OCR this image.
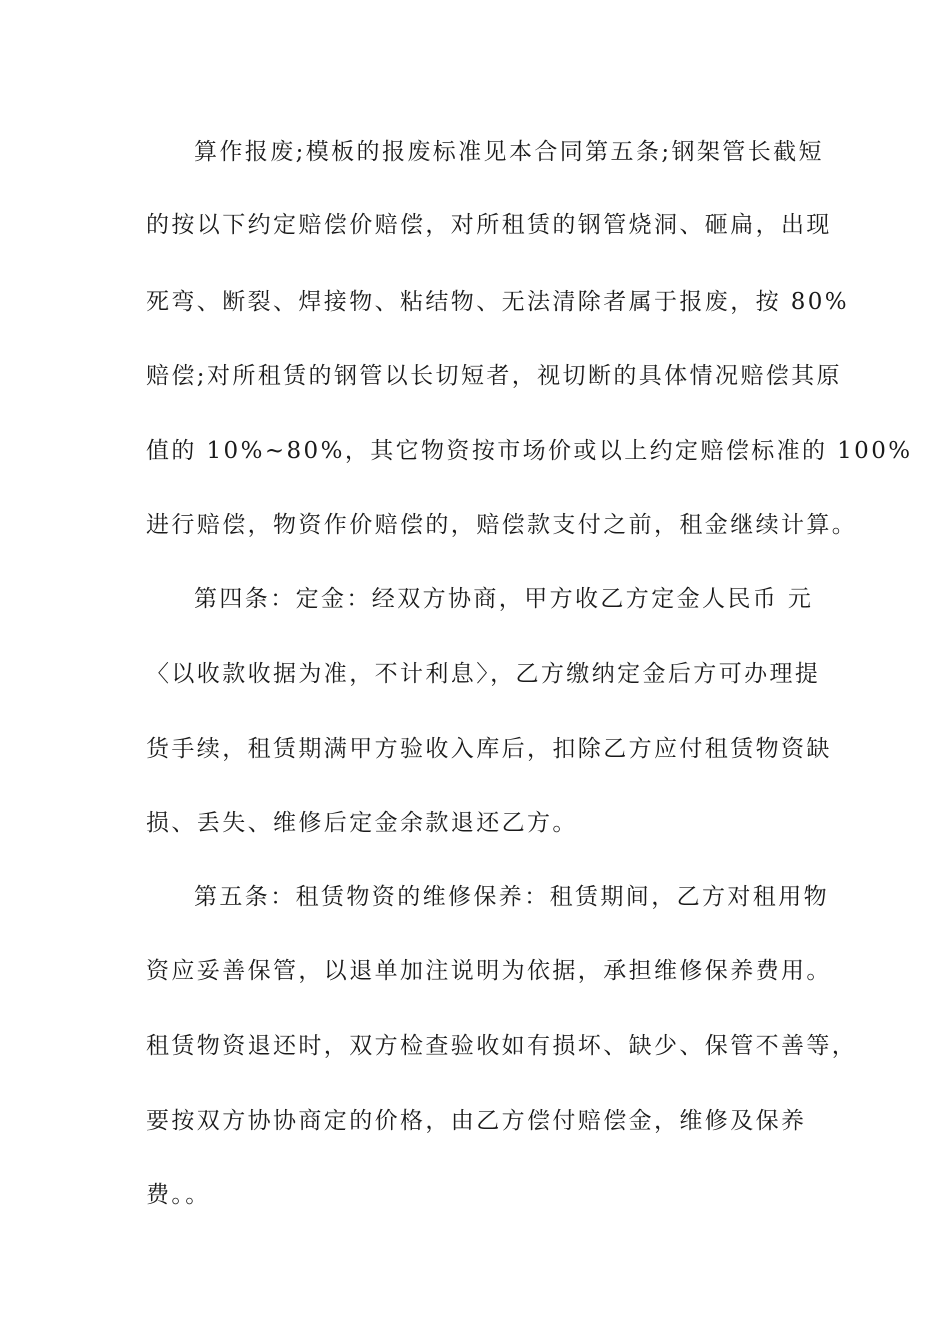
算作报废;模板的报废标准见本合同第五条;钢架管长截短
的按以下约定赔偿价赔偿，对所租赁的钢管烧洞、砸扁，出现
死弯、断裂、焊接物、粘结物、无法清除者属于报废，按 80%
赔偿;对所租赁的钢管以长切短者，视切断的具体情况赔偿其原
值的 10%~80%，其它物资按市场价或以上约定赔偿标准的 100%
进行赔偿，物资作价赔偿的，赔偿款支付之前，租金继续计算。
第四条：定金：经双方协商，甲方收乙方定金人民币 元
〈以收款收据为准，不计利息〉，乙方缴纳定金后方可办理提
货手续，租赁期满甲方验收入库后，扣除乙方应付租赁物资缺
损、丢失、维修后定金余款退还乙方。
第五条：租赁物资的维修保养：租赁期间，乙方对租用物
资应妥善保管，以退单加注说明为依据，承担维修保养费用。
租赁物资退还时，双方检查验收如有损坏、缺少、保管不善等，
要按双方协协商定的价格，由乙方偿付赔偿金，维修及保养
费。。
